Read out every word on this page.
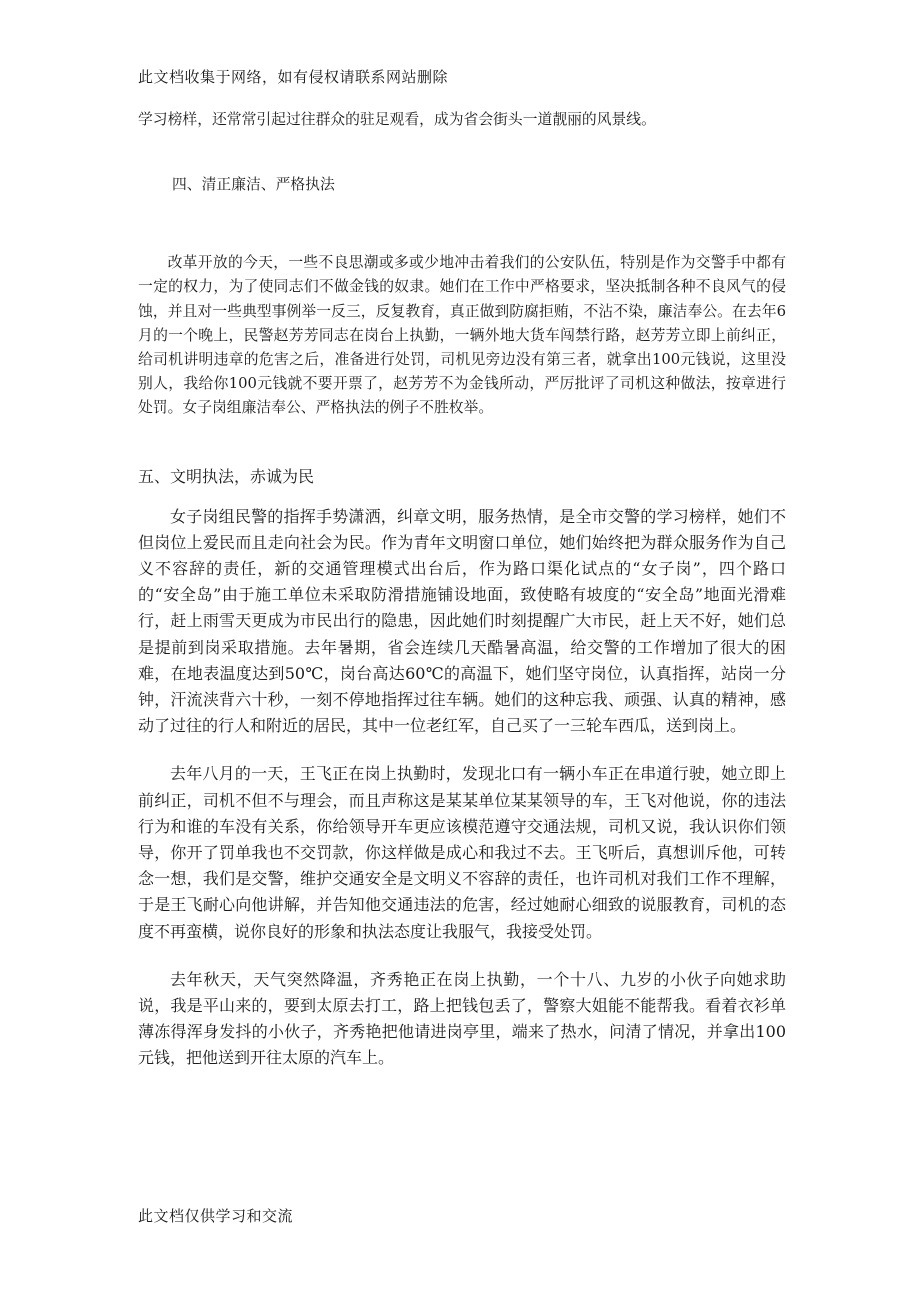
此文档收集于网络，如有侵权请联系网站删除

学习榜样，还常常引起过往群众的驻足观看，成为省会街头一道靓丽的风景线。

四、清正廉洁、严格执法

改革开放的今天，一些不良思潮或多或少地冲击着我们的公安队伍，特别是作为交警手中都有一定的权力，为了使同志们不做金钱的奴隶。她们在工作中严格要求，坚决抵制各种不良风气的侵蚀，并且对一些典型事例举一反三，反复教育，真正做到防腐拒贿，不沾不染，廉洁奉公。在去年6月的一个晚上，民警赵芳芳同志在岗台上执勤，一辆外地大货车闯禁行路，赵芳芳立即上前纠正，给司机讲明违章的危害之后，准备进行处罚，司机见旁边没有第三者，就拿出100元钱说，这里没别人，我给你100元钱就不要开票了，赵芳芳不为金钱所动，严厉批评了司机这种做法，按章进行处罚。女子岗组廉洁奉公、严格执法的例子不胜枚举。

五、文明执法，赤诚为民

女子岗组民警的指挥手势潇洒，纠章文明，服务热情，是全市交警的学习榜样，她们不但岗位上爱民而且走向社会为民。作为青年文明窗口单位，她们始终把为群众服务作为自己义不容辞的责任，新的交通管理模式出台后，作为路口渠化试点的“女子岗”，四个路口的“安全岛”由于施工单位未采取防滑措施铺设地面，致使略有坡度的“安全岛”地面光滑难行，赶上雨雪天更成为市民出行的隐患，因此她们时刻提醒广大市民，赶上天不好，她们总是提前到岗采取措施。去年暑期，省会连续几天酷暑高温，给交警的工作增加了很大的困难，在地表温度达到50℃，岗台高达60℃的高温下，她们坚守岗位，认真指挥，站岗一分钟，汗流浃背六十秒，一刻不停地指挥过往车辆。她们的这种忘我、顽强、认真的精神，感动了过往的行人和附近的居民，其中一位老红军，自己买了一三轮车西瓜，送到岗上。

去年八月的一天，王飞正在岗上执勤时，发现北口有一辆小车正在串道行驶，她立即上前纠正，司机不但不与理会，而且声称这是某某单位某某领导的车，王飞对他说，你的违法行为和谁的车没有关系，你给领导开车更应该模范遵守交通法规，司机又说，我认识你们领导，你开了罚单我也不交罚款，你这样做是成心和我过不去。王飞听后，真想训斥他，可转念一想，我们是交警，维护交通安全是文明义不容辞的责任，也许司机对我们工作不理解，于是王飞耐心向他讲解，并告知他交通违法的危害，经过她耐心细致的说服教育，司机的态度不再蛮横，说你良好的形象和执法态度让我服气，我接受处罚。

去年秋天，天气突然降温，齐秀艳正在岗上执勤，一个十八、九岁的小伙子向她求助说，我是平山来的，要到太原去打工，路上把钱包丢了，警察大姐能不能帮我。看着衣衫单薄冻得浑身发抖的小伙子，齐秀艳把他请进岗亭里，端来了热水，问清了情况，并拿出100元钱，把他送到开往太原的汽车上。

此文档仅供学习和交流
